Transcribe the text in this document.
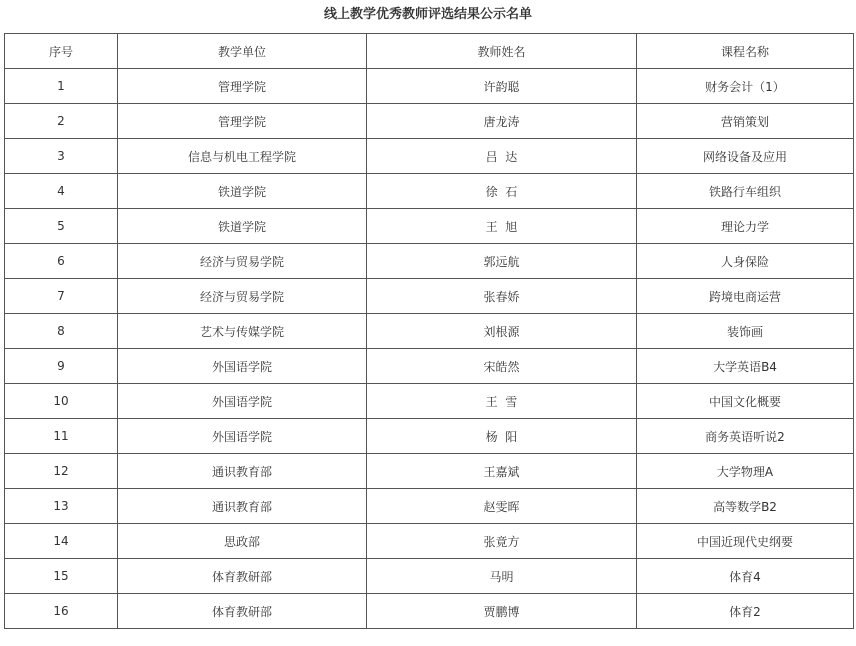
线上教学优秀教师评选结果公示名单
序号	教学单位	教师姓名	课程名称
1	管理学院	许韵聪	财务会计（1）
2	管理学院	唐龙涛	营销策划
3	信息与机电工程学院	吕  达	网络设备及应用
4	铁道学院	徐  石	铁路行车组织
5	铁道学院	王  旭	理论力学
6	经济与贸易学院	郭远航	人身保险
7	经济与贸易学院	张春娇	跨境电商运营
8	艺术与传媒学院	刘根源	装饰画
9	外国语学院	宋皓然	大学英语B4
10	外国语学院	王  雪	中国文化概要
11	外国语学院	杨  阳	商务英语听说2
12	通识教育部	王嘉斌	大学物理A
13	通识教育部	赵雯晖	高等数学B2
14	思政部	张竟方	中国近现代史纲要
15	体育教研部	马明	体育4
16	体育教研部	贾鹏博	体育2
